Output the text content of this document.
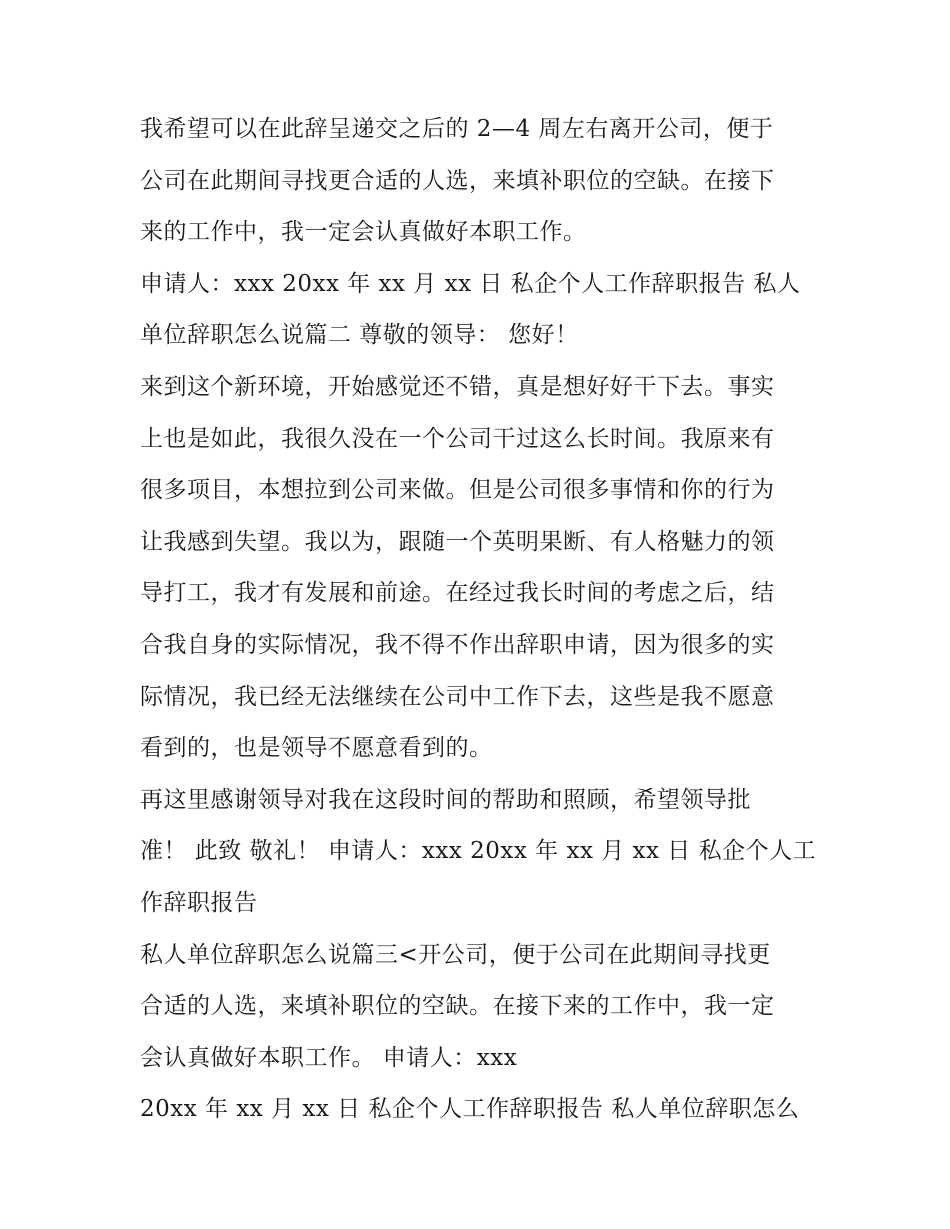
我希望可以在此辞呈递交之后的 2—4 周左右离开公司，便于
公司在此期间寻找更合适的人选，来填补职位的空缺。在接下
来的工作中，我一定会认真做好本职工作。
申请人：xxx 20xx 年 xx 月 xx 日 私企个人工作辞职报告 私人
单位辞职怎么说篇二 尊敬的领导： 您好！
来到这个新环境，开始感觉还不错，真是想好好干下去。事实
上也是如此，我很久没在一个公司干过这么长时间。我原来有
很多项目，本想拉到公司来做。但是公司很多事情和你的行为
让我感到失望。我以为，跟随一个英明果断、有人格魅力的领
导打工，我才有发展和前途。在经过我长时间的考虑之后，结
合我自身的实际情况，我不得不作出辞职申请，因为很多的实
际情况，我已经无法继续在公司中工作下去，这些是我不愿意
看到的，也是领导不愿意看到的。
再这里感谢领导对我在这段时间的帮助和照顾，希望领导批
准！ 此致 敬礼！ 申请人：xxx 20xx 年 xx 月 xx 日 私企个人工
作辞职报告
私人单位辞职怎么说篇三<开公司，便于公司在此期间寻找更
合适的人选，来填补职位的空缺。在接下来的工作中，我一定
会认真做好本职工作。 申请人：xxx
20xx 年 xx 月 xx 日 私企个人工作辞职报告 私人单位辞职怎么
